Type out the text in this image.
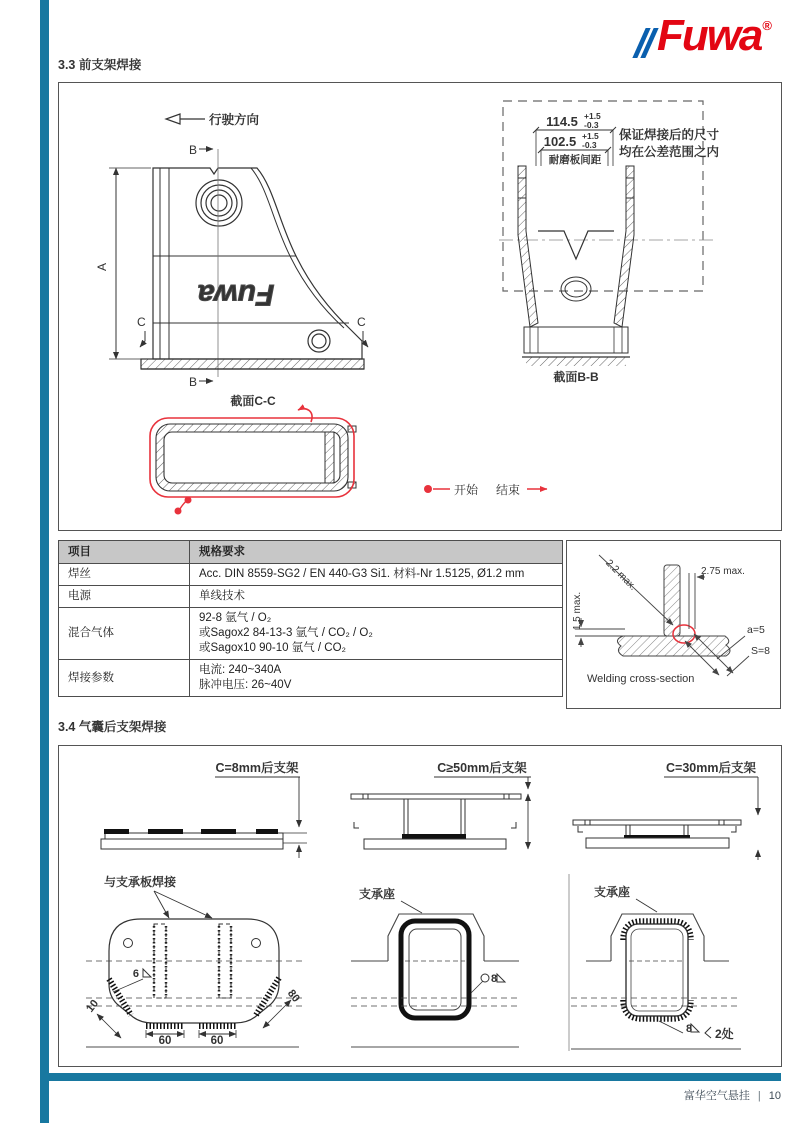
Fuwa ®
3.3 前支架焊接
行驶方向
Fuwa
A
B
B
C	C
截面C-C
开始 结束
保证焊接后的尺寸
均在公差范围之内
114.5 +1.5
-0.3
102.5 +1.5
-0.3
耐磨板间距
截面B-B
项目	规格要求
焊丝	Acc. DIN 8559-SG2 / EN 440-G3 Si1. 材料-Nr 1.5125, Ø1.2 mm
电源	单线技术
混合气体	92-8 氩气 / O₂
或Sagox2 84-13-3 氩气 / CO₂ / O₂
或Sagox10 90-10 氩气 / CO₂

焊接参数	电流: 240~340A
脉冲电压: 26~40V
2.2 max.	2.75 max.
1.5 max.	a=5
S=8
Welding cross-section
3.4 气囊后支架焊接
C=8mm后支架	C≥50mm后支架	C=30mm后支架
与支承板焊接
6
10
80
60	60
支承座
8
支承座
8 2处
富华空气悬挂 | 10
